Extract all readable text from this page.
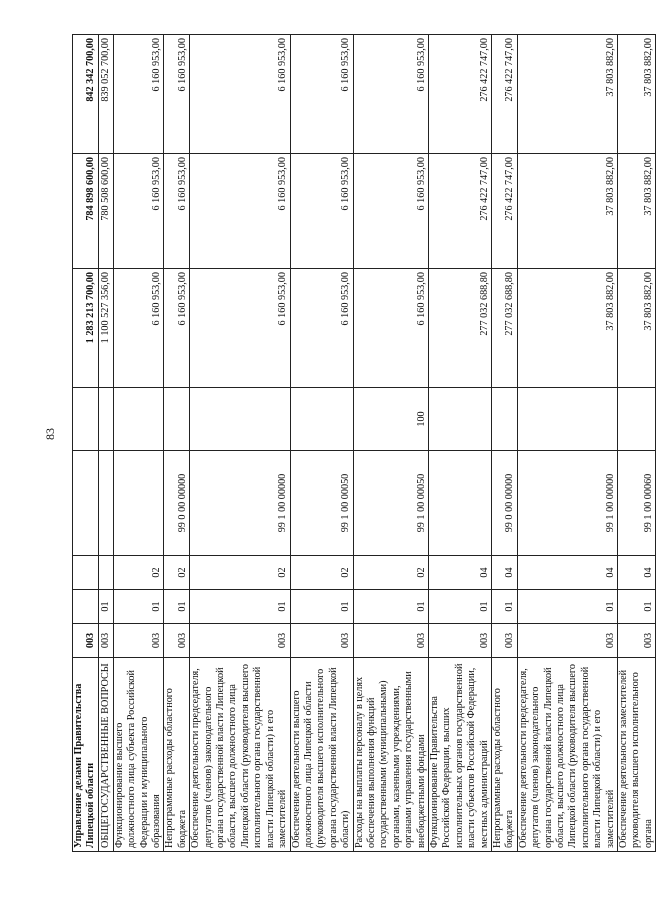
83
Управление делами Правительства Липецкой области	003					1 283 213 700,00	784 898 600,00	842 342 700,00
ОБЩЕГОСУДАРСТВЕННЫЕ ВОПРОСЫ	003	01				1 100 527 356,00	780 508 600,00	839 052 700,00
Функционирование высшего должностного лица субъекта Российской Федерации и муниципального образования	003	01	02			6 160 953,00	6 160 953,00	6 160 953,00
Непрограммные расходы областного бюджета	003	01	02	99 0 00 00000		6 160 953,00	6 160 953,00	6 160 953,00
Обеспечение деятельности председателя, депутатов (членов) законодательного органа государственной власти Липецкой области, высшего должностного лица Липецкой области (руководителя высшего исполнительного органа государственной власти Липецкой области) и его заместителей	003	01	02	99 1 00 00000		6 160 953,00	6 160 953,00	6 160 953,00
Обеспечение деятельности высшего должностного лица Липецкой области (руководителя высшего исполнительного органа государственной власти Липецкой области)	003	01	02	99 1 00 00050		6 160 953,00	6 160 953,00	6 160 953,00
Расходы на выплаты персоналу в целях обеспечения выполнения функций государственными (муниципальными) органами, казенными учреждениями, органами управления государственными внебюджетными фондами	003	01	02	99 1 00 00050	100	6 160 953,00	6 160 953,00	6 160 953,00
Функционирование Правительства Российской Федерации, высших исполнительных органов государственной власти субъектов Российской Федерации, местных администраций	003	01	04			277 032 688,80	276 422 747,00	276 422 747,00
Непрограммные расходы областного бюджета	003	01	04	99 0 00 00000		277 032 688,80	276 422 747,00	276 422 747,00
Обеспечение деятельности председателя, депутатов (членов) законодательного органа государственной власти Липецкой области, высшего должностного лица Липецкой области (руководителя высшего исполнительного органа государственной власти Липецкой области) и его заместителей	003	01	04	99 1 00 00000		37 803 882,00	37 803 882,00	37 803 882,00
Обеспечение деятельности заместителей руководителя высшего исполнительного органа	003	01	04	99 1 00 00060		37 803 882,00	37 803 882,00	37 803 882,00
